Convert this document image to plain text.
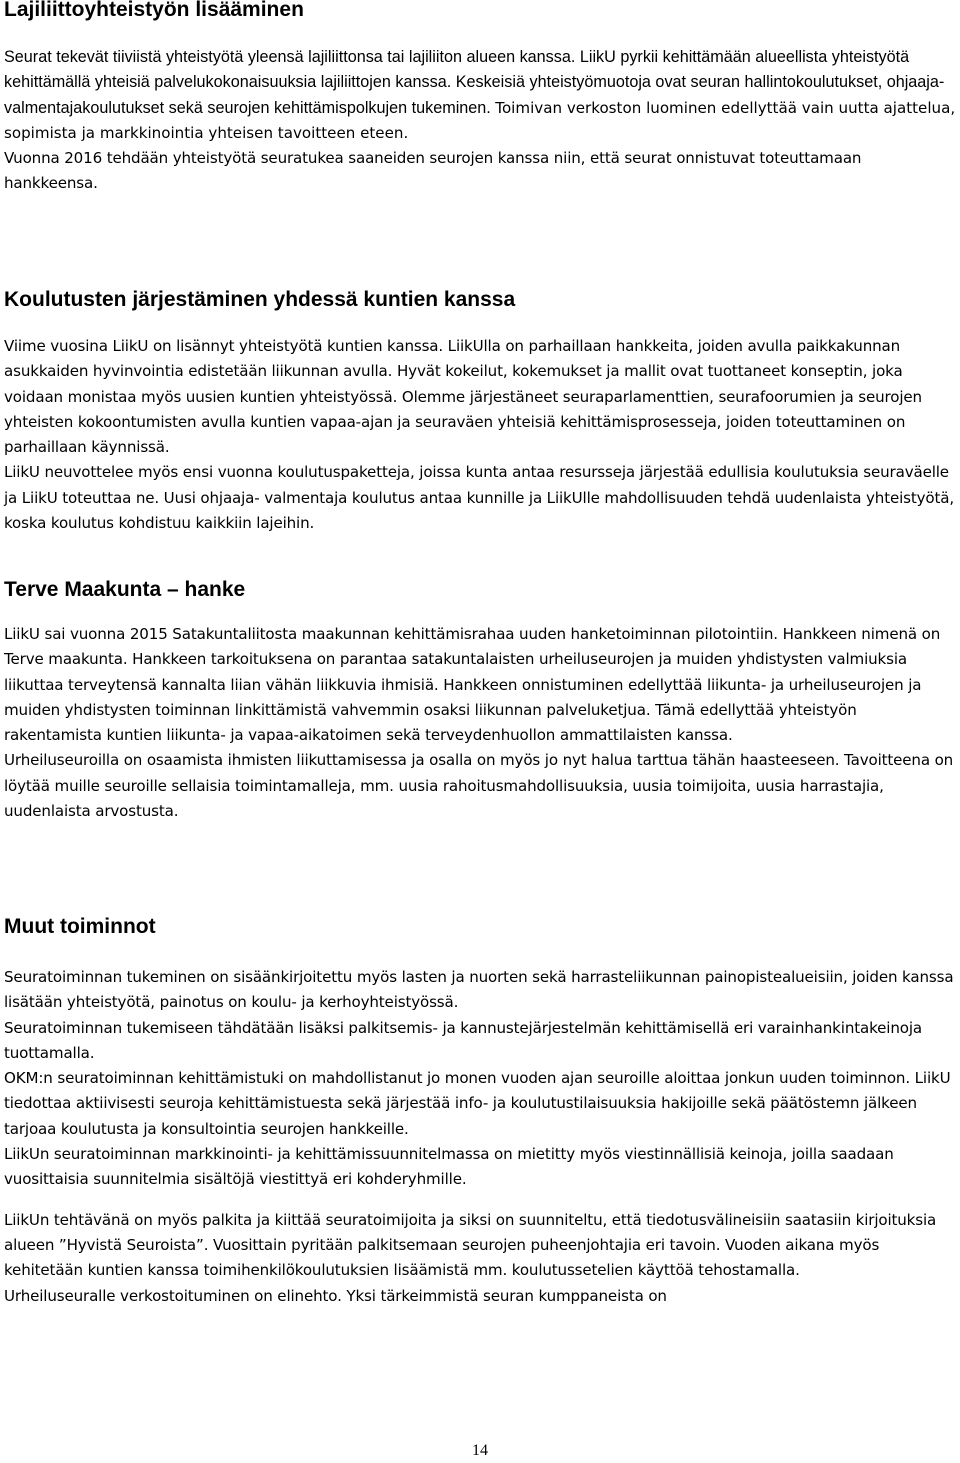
Lajiliittoyhteistyön lisääminen

Seurat tekevät tiiviistä yhteistyötä yleensä lajiliittonsa tai lajiliiton alueen kanssa. LiikU pyrkii kehittämään alueellista yhteistyötä kehittämällä yhteisiä palvelukokonaisuuksia lajiliittojen kanssa. Keskeisiä yhteistyömuotoja ovat seuran hallintokoulutukset, ohjaaja-valmentajakoulutukset sekä seurojen kehittämispolkujen tukeminen. Toimivan verkoston luominen edellyttää vain uutta ajattelua, sopimista ja markkinointia yhteisen tavoitteen eteen.

Vuonna 2016 tehdään yhteistyötä seuratukea saaneiden seurojen kanssa niin, että seurat onnistuvat toteuttamaan hankkeensa.

Koulutusten järjestäminen yhdessä kuntien kanssa

Viime vuosina LiikU on lisännyt yhteistyötä kuntien kanssa. LiikUlla on parhaillaan hankkeita, joiden avulla paikkakunnan asukkaiden hyvinvointia edistetään liikunnan avulla. Hyvät kokeilut, kokemukset ja mallit ovat tuottaneet konseptin, joka voidaan monistaa myös uusien kuntien yhteistyössä. Olemme järjestäneet seuraparlamenttien, seurafoorumien ja seurojen yhteisten kokoontumisten avulla kuntien vapaa-ajan ja seuraväen yhteisiä kehittämisprosesseja, joiden toteuttaminen on parhaillaan käynnissä.

LiikU neuvottelee myös ensi vuonna koulutuspaketteja, joissa kunta antaa resursseja järjestää edullisia koulutuksia seuraväelle ja LiikU toteuttaa ne. Uusi ohjaaja- valmentaja koulutus antaa kunnille ja LiikUlle mahdollisuuden tehdä uudenlaista yhteistyötä, koska koulutus kohdistuu kaikkiin lajeihin.

Terve Maakunta – hanke

LiikU sai vuonna 2015 Satakuntaliitosta maakunnan kehittämisrahaa uuden hanketoiminnan pilotointiin. Hankkeen nimenä on Terve maakunta. Hankkeen tarkoituksena on parantaa satakuntalaisten urheiluseurojen ja muiden yhdistysten valmiuksia liikuttaa terveytensä kannalta liian vähän liikkuvia ihmisiä. Hankkeen onnistuminen edellyttää liikunta- ja urheiluseurojen ja muiden yhdistysten toiminnan linkittämistä vahvemmin osaksi liikunnan palveluketjua. Tämä edellyttää yhteistyön rakentamista kuntien liikunta- ja vapaa-aikatoimen sekä terveydenhuollon ammattilaisten kanssa.

Urheiluseuroilla on osaamista ihmisten liikuttamisessa ja osalla on myös jo nyt halua tarttua tähän haasteeseen. Tavoitteena on löytää muille seuroille sellaisia toimintamalleja, mm. uusia rahoitusmahdollisuuksia, uusia toimijoita, uusia harrastajia, uudenlaista arvostusta.

Muut toiminnot

Seuratoiminnan tukeminen on sisäänkirjoitettu myös lasten ja nuorten sekä harrasteliikunnan painopistealueisiin, joiden kanssa lisätään yhteistyötä, painotus on koulu- ja kerhoyhteistyössä.

Seuratoiminnan tukemiseen tähdätään lisäksi palkitsemis- ja kannustejärjestelmän kehittämisellä eri varainhankintakeinoja tuottamalla.

OKM:n seuratoiminnan kehittämistuki on mahdollistanut jo monen vuoden ajan seuroille aloittaa jonkun uuden toiminnon. LiikU tiedottaa aktiivisesti seuroja kehittämistuesta sekä järjestää info- ja koulutustilaisuuksia hakijoille sekä päätöstemn jälkeen tarjoaa koulutusta ja konsultointia seurojen hankkeille.

LiikUn seuratoiminnan markkinointi- ja kehittämissuunnitelmassa on mietitty myös viestinnällisiä keinoja, joilla saadaan vuosittaisia suunnitelmia sisältöjä viestittyä eri kohderyhmille.

LiikUn tehtävänä on myös palkita ja kiittää seuratoimijoita ja siksi on suunniteltu, että tiedotusvälineisiin saatasiin kirjoituksia alueen ”Hyvistä Seuroista”. Vuosittain pyritään palkitsemaan seurojen puheenjohtajia eri tavoin. Vuoden aikana myös kehitetään kuntien kanssa toimihenkilökoulutuksien lisäämistä mm. koulutussetelien käyttöä tehostamalla.

Urheiluseuralle verkostoituminen on elinehto. Yksi tärkeimmistä seuran kumppaneista on

14
